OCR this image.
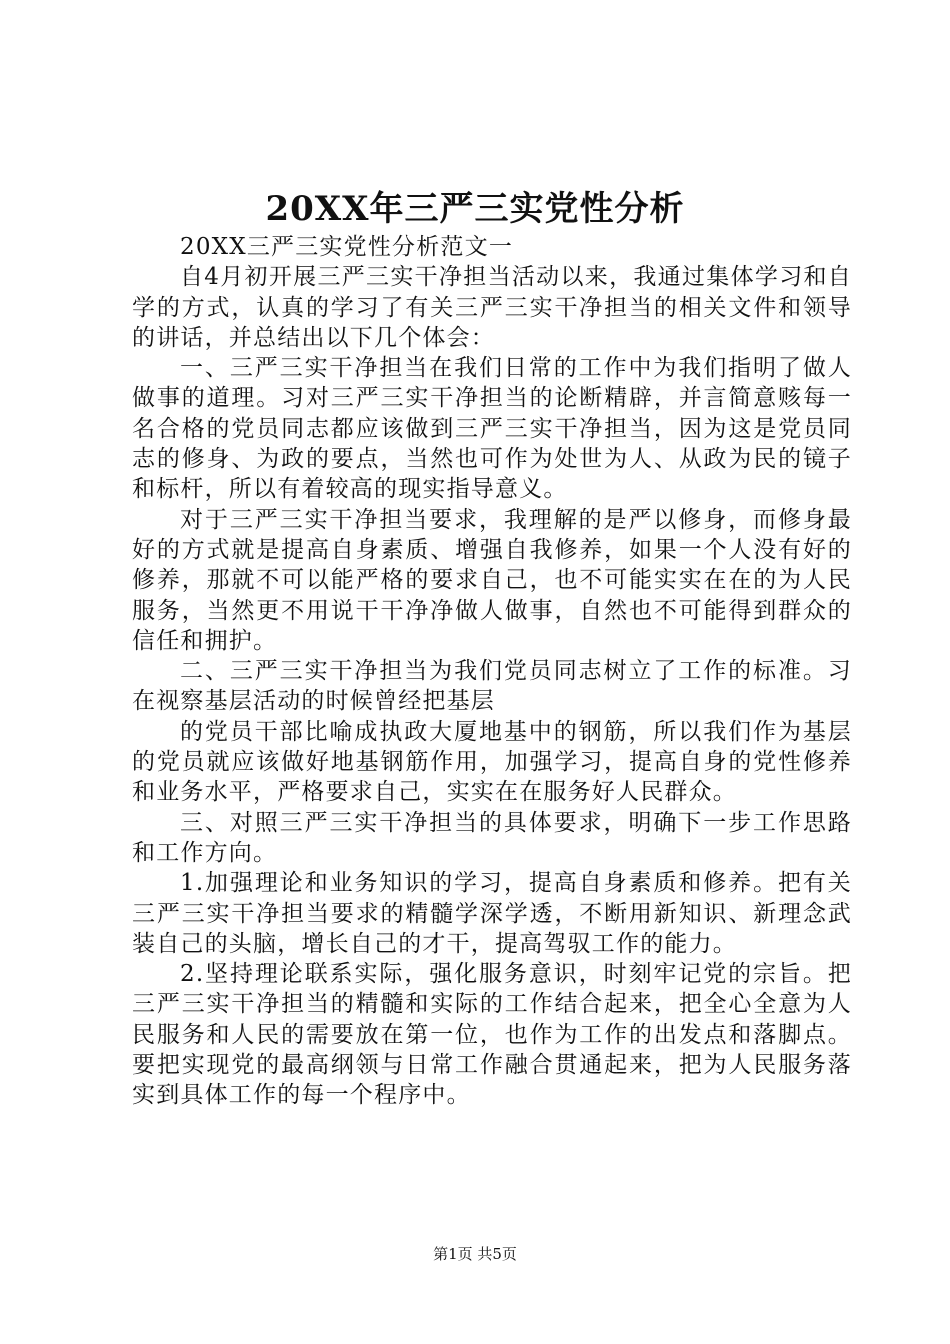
20XX年三严三实党性分析

20XX三严三实党性分析范文一

自4月初开展三严三实干净担当活动以来，我通过集体学习和自学的方式，认真的学习了有关三严三实干净担当的相关文件和领导的讲话，并总结出以下几个体会：

一、三严三实干净担当在我们日常的工作中为我们指明了做人做事的道理。习对三严三实干净担当的论断精辟，并言简意赅每一名合格的党员同志都应该做到三严三实干净担当，因为这是党员同志的修身、为政的要点，当然也可作为处世为人、从政为民的镜子和标杆，所以有着较高的现实指导意义。

对于三严三实干净担当要求，我理解的是严以修身，而修身最好的方式就是提高自身素质、增强自我修养，如果一个人没有好的修养，那就不可以能严格的要求自己，也不可能实实在在的为人民服务，当然更不用说干干净净做人做事，自然也不可能得到群众的信任和拥护。

二、三严三实干净担当为我们党员同志树立了工作的标准。习在视察基层活动的时候曾经把基层

的党员干部比喻成执政大厦地基中的钢筋，所以我们作为基层的党员就应该做好地基钢筋作用，加强学习，提高自身的党性修养和业务水平，严格要求自己，实实在在服务好人民群众。

三、对照三严三实干净担当的具体要求，明确下一步工作思路和工作方向。

1.加强理论和业务知识的学习，提高自身素质和修养。把有关三严三实干净担当要求的精髓学深学透，不断用新知识、新理念武装自己的头脑，增长自己的才干，提高驾驭工作的能力。

2.坚持理论联系实际，强化服务意识，时刻牢记党的宗旨。把三严三实干净担当的精髓和实际的工作结合起来，把全心全意为人民服务和人民的需要放在第一位，也作为工作的出发点和落脚点。要把实现党的最高纲领与日常工作融合贯通起来，把为人民服务落实到具体工作的每一个程序中。

第1页 共5页
